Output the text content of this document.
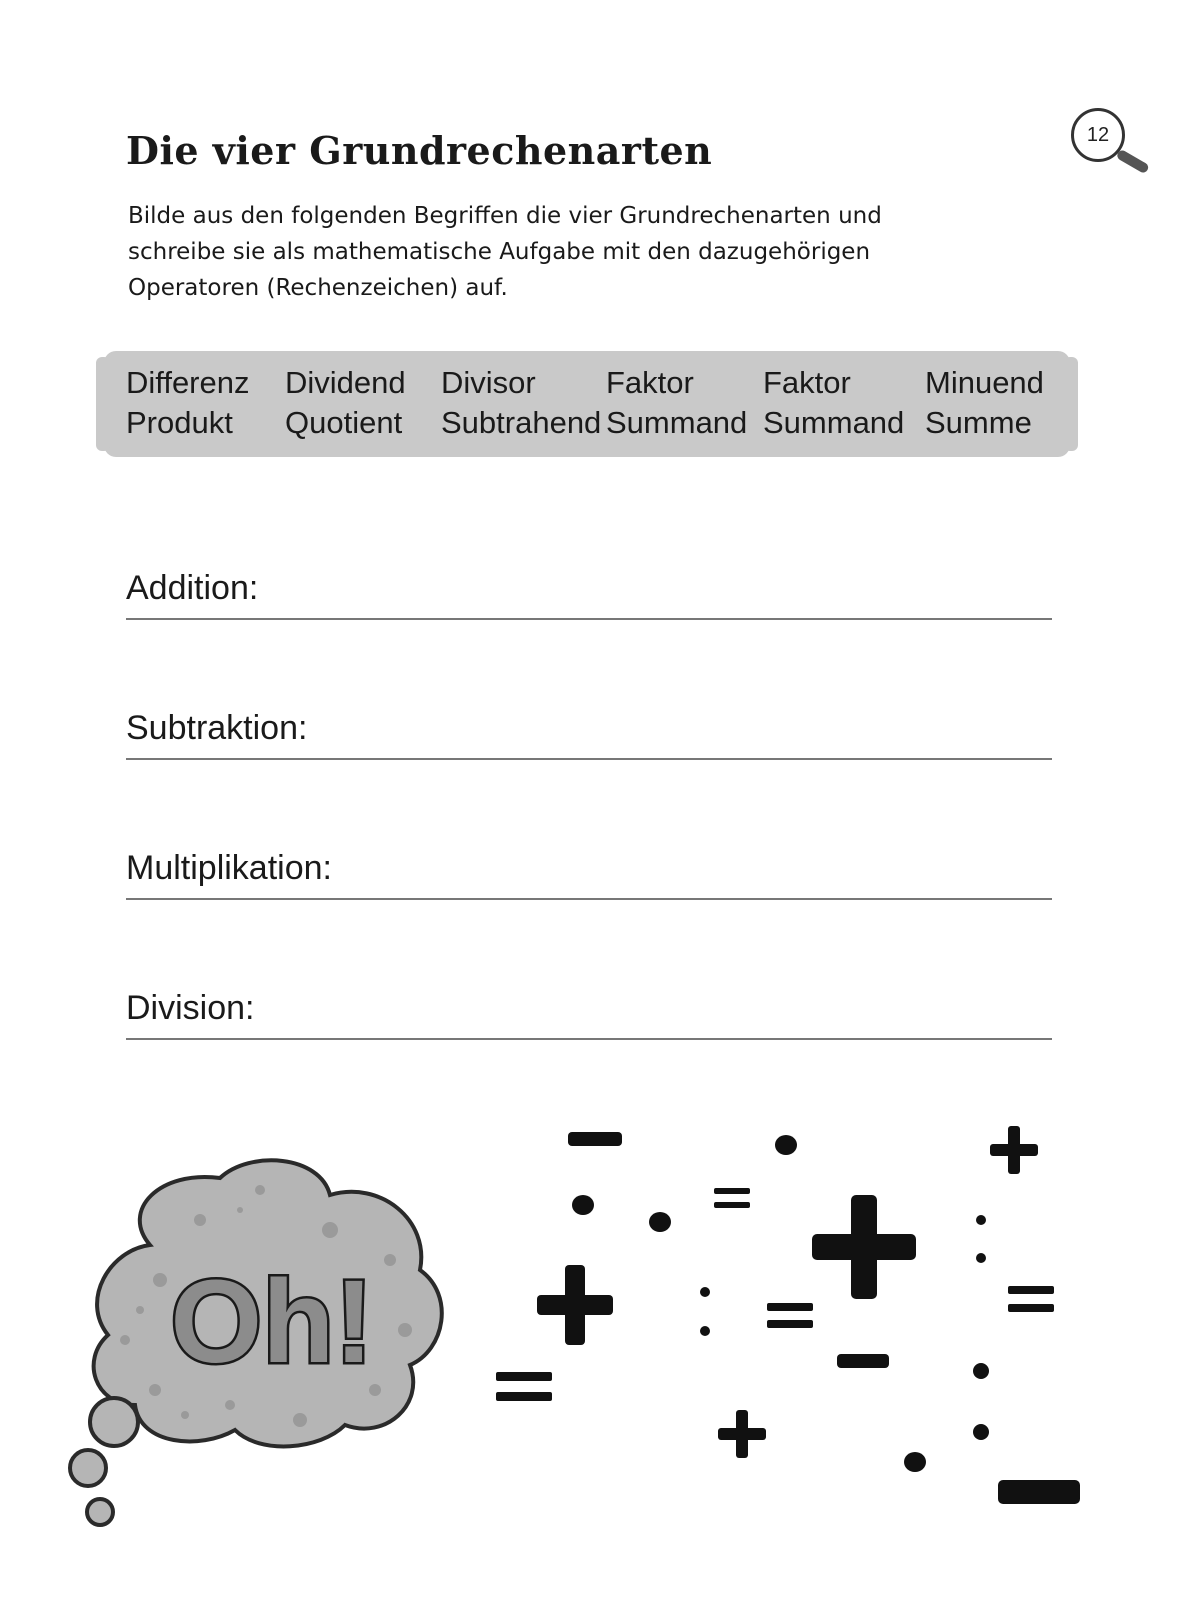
12
Die vier Grundrechenarten
Bilde aus den folgenden Begriffen die vier Grundrechenarten und
schreibe sie als mathematische Aufgabe mit den dazugehörigen
Operatoren (Rechenzeichen) auf.
Differenz
Produkt
Dividend
Quotient
Divisor
Subtrahend
Faktor
Summand
Faktor
Summand
Minuend
Summe
Addition:
Subtraktion:
Multiplikation:
Division:
Oh!
